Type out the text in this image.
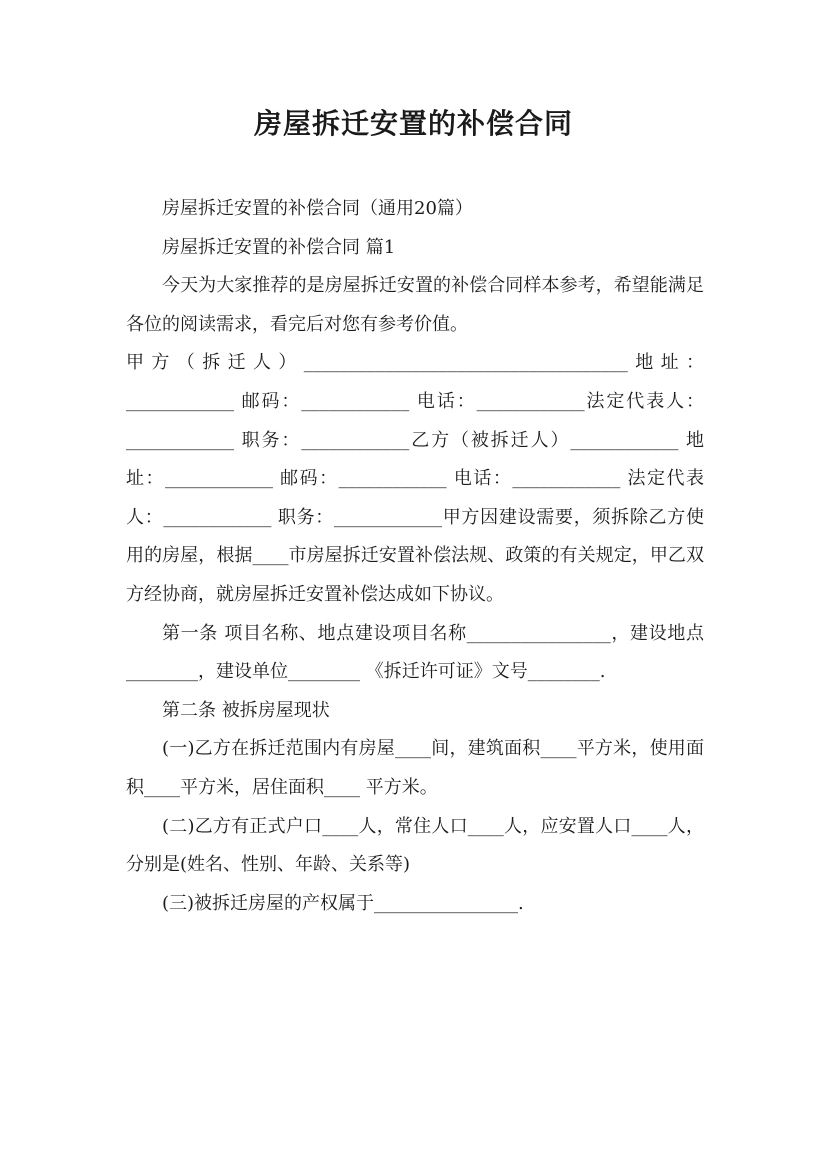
房屋拆迁安置的补偿合同

房屋拆迁安置的补偿合同（通用20篇）

房屋拆迁安置的补偿合同 篇1

今天为大家推荐的是房屋拆迁安置的补偿合同样本参考，希望能满足各位的阅读需求，看完后对您有参考价值。

甲方（拆迁人）____________________________________地址：____________ 邮码：____________ 电话：____________法定代表人：____________ 职务：____________乙方（被拆迁人）____________ 地址：____________ 邮码：____________ 电话：____________ 法定代表人：____________ 职务：____________甲方因建设需要，须拆除乙方使用的房屋，根据____市房屋拆迁安置补偿法规、政策的有关规定，甲乙双方经协商，就房屋拆迁安置补偿达成如下协议。

第一条 项目名称、地点建设项目名称________________，建设地点________，建设单位________ 《拆迁许可证》文号________.

第二条 被拆房屋现状

(一)乙方在拆迁范围内有房屋____间，建筑面积____平方米，使用面积____平方米，居住面积____ 平方米。

(二)乙方有正式户口____人，常住人口____人，应安置人口____人，分别是(姓名、性别、年龄、关系等)

(三)被拆迁房屋的产权属于________________.
